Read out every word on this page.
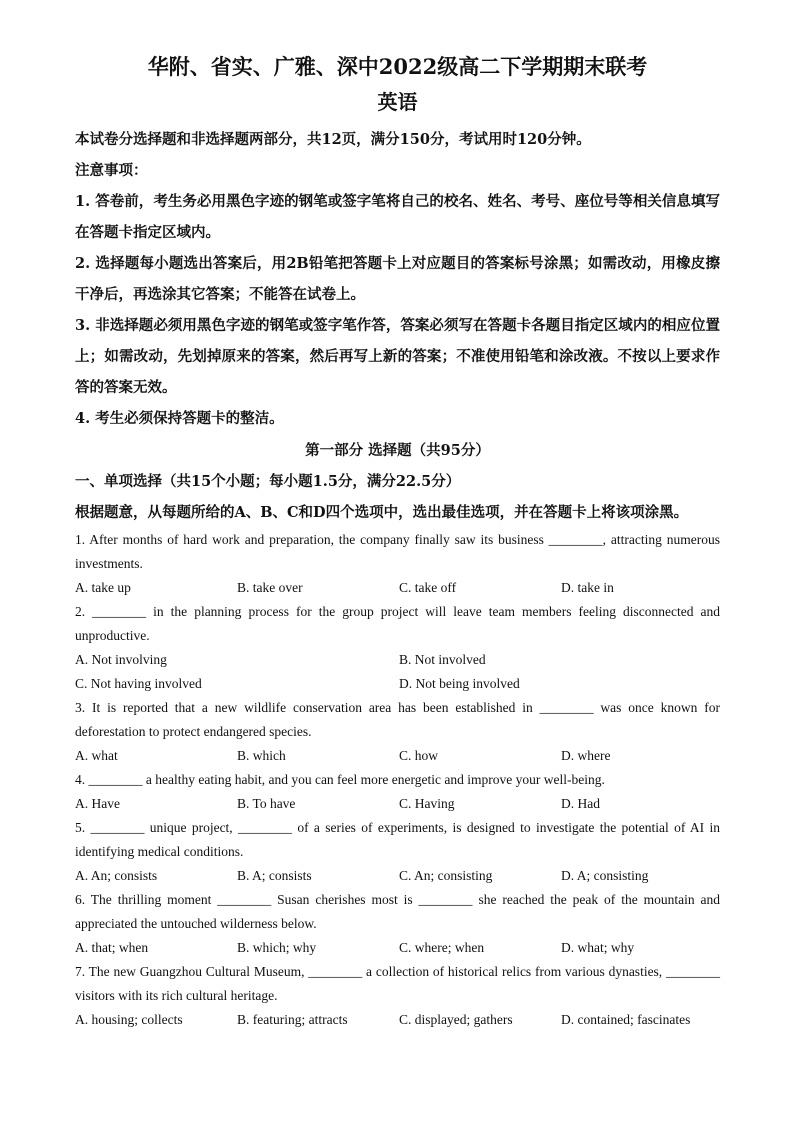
华附、省实、广雅、深中2022级高二下学期期末联考
英语

本试卷分选择题和非选择题两部分，共12页，满分150分，考试用时120分钟。

注意事项：

1. 答卷前，考生务必用黑色字迹的钢笔或签字笔将自己的校名、姓名、考号、座位号等相关信息填写在答题卡指定区域内。

2. 选择题每小题选出答案后，用2B铅笔把答题卡上对应题目的答案标号涂黑；如需改动，用橡皮擦干净后，再选涂其它答案；不能答在试卷上。

3. 非选择题必须用黑色字迹的钢笔或签字笔作答，答案必须写在答题卡各题目指定区域内的相应位置上；如需改动，先划掉原来的答案，然后再写上新的答案；不准使用铅笔和涂改液。不按以上要求作答的答案无效。

4. 考生必须保持答题卡的整洁。

第一部分 选择题（共95分）

一、单项选择（共15个小题；每小题1.5分，满分22.5分）

根据题意，从每题所给的A、B、C和D四个选项中，选出最佳选项，并在答题卡上将该项涂黑。

1. After months of hard work and preparation, the company finally saw its business ________, attracting numerous investments.

A. take up	B. take over	C. take off	D. take in

2. ________ in the planning process for the group project will leave team members feeling disconnected and unproductive.

A. Not involving	B. Not involved
C. Not having involved	D. Not being involved

3. It is reported that a new wildlife conservation area has been established in ________ was once known for deforestation to protect endangered species.

A. what	B. which	C. how	D. where

4. ________ a healthy eating habit, and you can feel more energetic and improve your well-being.

A. Have	B. To have	C. Having	D. Had

5. ________ unique project, ________ of a series of experiments, is designed to investigate the potential of AI in identifying medical conditions.

A. An; consists	B. A; consists	C. An; consisting	D. A; consisting

6. The thrilling moment ________ Susan cherishes most is ________ she reached the peak of the mountain and appreciated the untouched wilderness below.

A. that; when	B. which; why	C. where; when	D. what; why

7. The new Guangzhou Cultural Museum, ________ a collection of historical relics from various dynasties, ________ visitors with its rich cultural heritage.

A. housing; collects	B. featuring; attracts	C. displayed; gathers	D. contained; fascinates
